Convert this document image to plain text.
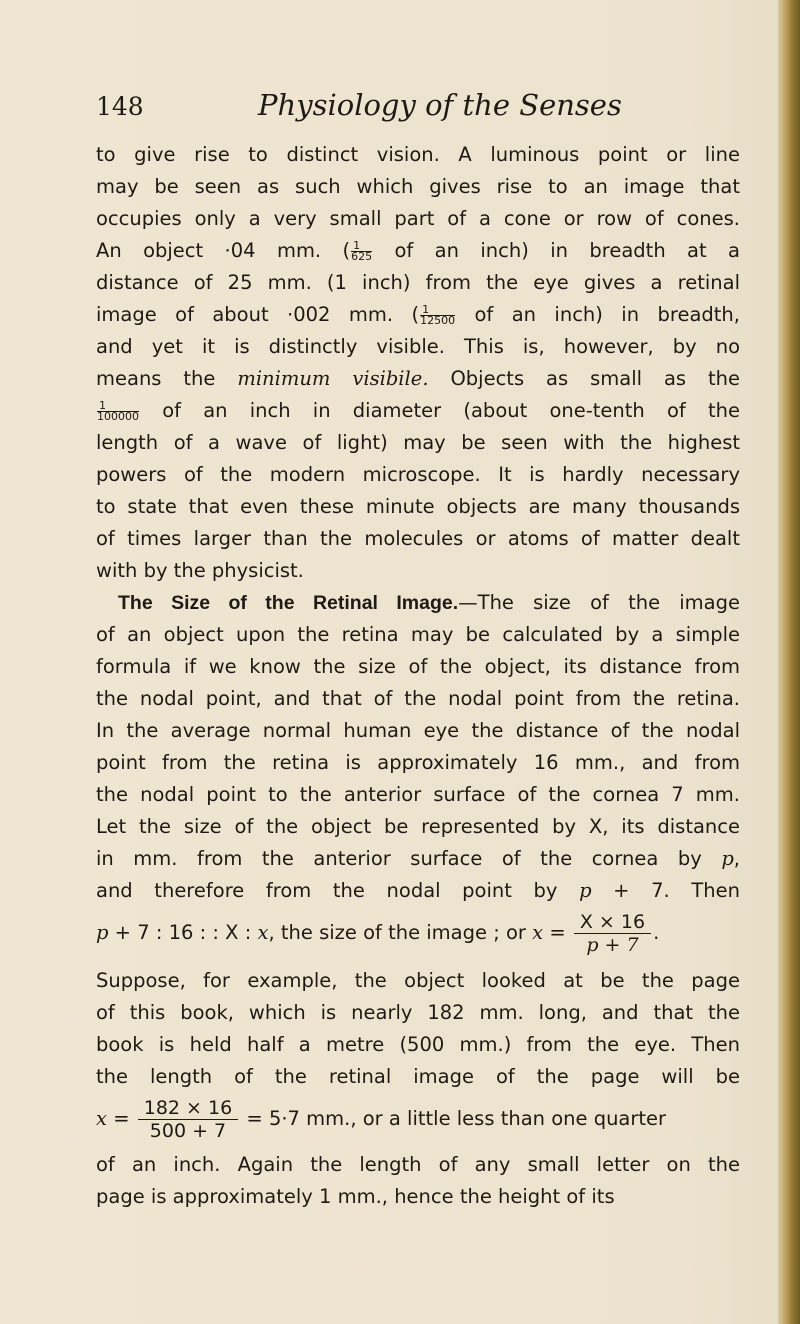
148	Physiology of the Senses
to give rise to distinct vision. A luminous point or line
may be seen as such which gives rise to an image that
occupies only a very small part of a cone or row of cones.
An object ·04 mm. ( $\frac{1}{625}$ of an inch) in breadth at a
distance of 25 mm. (1 inch) from the eye gives a retinal
image of about ·002 mm. ( $\frac{1}{12500}$ of an inch) in breadth,
and yet it is distinctly visible. This is, however, by no
means the minimum visibile. Objects as small as the
$\frac{1}{100000}$ of an inch in diameter (about one-tenth of the
length of a wave of light) may be seen with the highest
powers of the modern microscope. It is hardly necessary
to state that even these minute objects are many thousands
of times larger than the molecules or atoms of matter dealt
with by the physicist.
The Size of the Retinal Image.—The size of the image
of an object upon the retina may be calculated by a simple
formula if we know the size of the object, its distance from
the nodal point, and that of the nodal point from the retina.
In the average normal human eye the distance of the nodal
point from the retina is approximately 16 mm., and from
the nodal point to the anterior surface of the cornea 7 mm.
Let the size of the object be represented by X, its distance
in mm. from the anterior surface of the cornea by p,
and therefore from the nodal point by p + 7. Then
p + 7 : 16 : : X : x, the size of the image ; or $x = \frac{X \times 16}{p + 7}$ .
Suppose, for example, the object looked at be the page
of this book, which is nearly 182 mm. long, and that the
book is held half a metre (500 mm.) from the eye. Then
the length of the retinal image of the page will be
$x = \frac{182 \times 16}{500 + 7} = 5\cdot 7$ mm., or a little less than one quarter
of an inch. Again the length of any small letter on the
page is approximately 1 mm., hence the height of its
